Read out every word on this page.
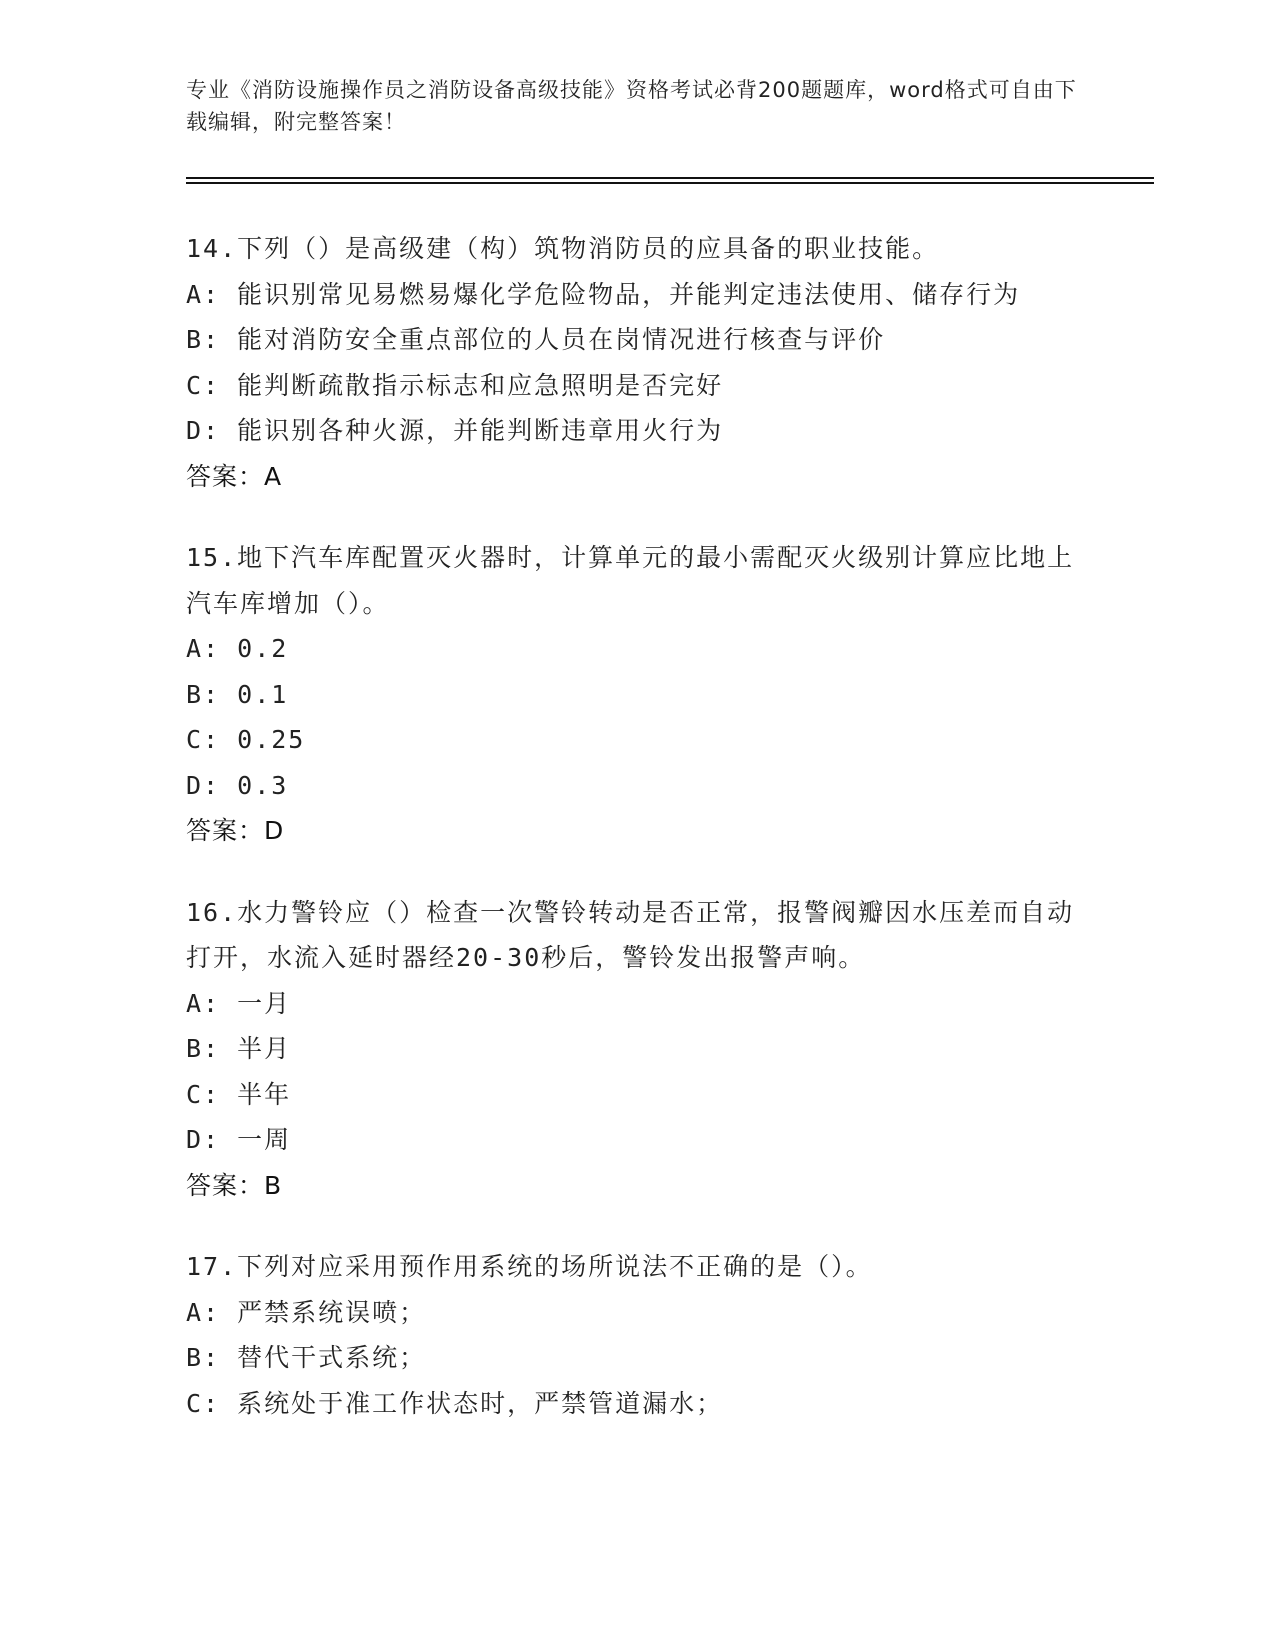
专业《消防设施操作员之消防设备高级技能》资格考试必背200题题库，word格式可自由下载编辑，附完整答案！
14.下列（）是高级建（构）筑物消防员的应具备的职业技能。
A: 能识别常见易燃易爆化学危险物品，并能判定违法使用、储存行为
B: 能对消防安全重点部位的人员在岗情况进行核查与评价
C: 能判断疏散指示标志和应急照明是否完好
D: 能识别各种火源，并能判断违章用火行为
答案：A
15.地下汽车库配置灭火器时，计算单元的最小需配灭火级别计算应比地上汽车库增加（）。
A: 0.2
B: 0.1
C: 0.25
D: 0.3
答案：D
16.水力警铃应（）检查一次警铃转动是否正常，报警阀瓣因水压差而自动打开，水流入延时器经20-30秒后，警铃发出报警声响。
A: 一月
B: 半月
C: 半年
D: 一周
答案：B
17.下列对应采用预作用系统的场所说法不正确的是（）。
A: 严禁系统误喷；
B: 替代干式系统；
C: 系统处于准工作状态时，严禁管道漏水；
